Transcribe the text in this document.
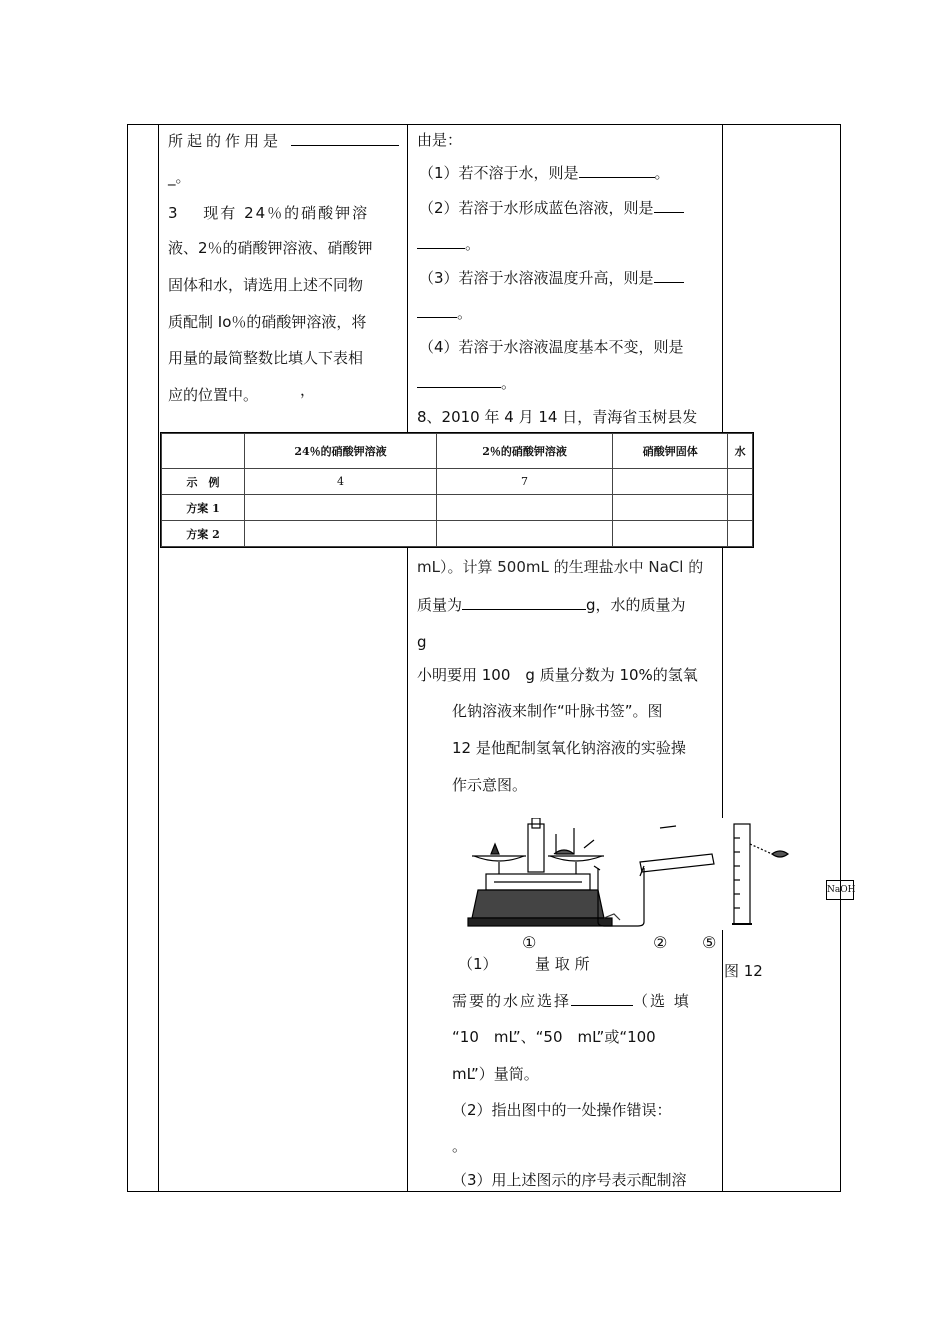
所起的作用是
_。
3　 现有 24％的硝酸钾溶
液、2％的硝酸钾溶液、硝酸钾
固体和水，请选用上述不同物
质配制 Io％的硝酸钾溶液，将
用量的最简整数比填人下表相
应的位置中。	，
由是：
（1）若不溶于水，则是	。
（2）若溶于水形成蓝色溶液，则是
。
（3）若溶于水溶液温度升高，则是
。
（4）若溶于水溶液温度基本不变，则是
。
8、2010 年 4 月 14 日，青海省玉树县发
mL）。计算 500mL 的生理盐水中 NaCl 的
质量为	g，水的质量为
g
小明要用 100　g 质量分数为 10%的氢氧
化钠溶液来制作“叶脉书签”。图
12 是他配制氢氧化钠溶液的实验操
作示意图。
（1）　　　量 取 所
需要的水应选择	（选 填
“10　mL”、“50　mL”或“100
mL”）量筒。
（2）指出图中的一处操作错误：
。
（3）用上述图示的序号表示配制溶
	24％的硝酸钾溶液	2％的硝酸钾溶液	硝酸钾固体	水
示　例	4	7		
方案 1				
方案 2				
①	② ⑤
图 12
NaOH
